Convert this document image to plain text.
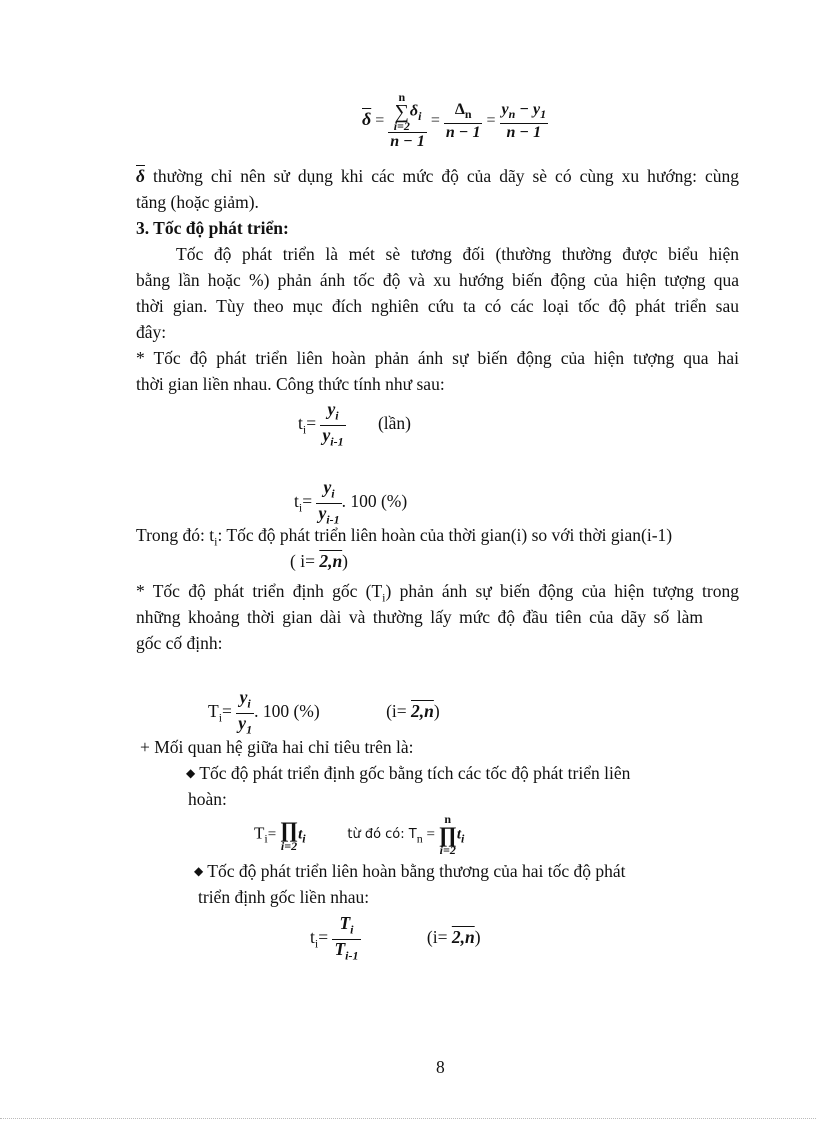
$\overline{\delta} = n$
∑
i=2
$\delta_i$
$n - 1 = \frac{\Delta_n}{n - 1} = \frac{y_n - y_1}{n - 1}$
$\overline{\delta}$ thường chỉ nên sử dụng khi các mức độ của dãy sè có cùng xu hướng: cùng
tăng (hoặc giảm).
3. Tốc độ phát triển:
Tốc độ phát triển là mét sè tương đối (thường thường được biểu hiện
bằng lần hoặc %) phản ánh tốc độ và xu hướng biến động của hiện tượng qua
thời gian. Tùy theo mục đích nghiên cứu ta có các loại tốc độ phát triển sau
đây:
* Tốc độ phát triển liên hoàn phản ánh sự biến động của hiện tượng qua hai
thời gian liền nhau. Công thức tính như sau:
$t_i= \frac{y_i}{y_{i-1}}$ (lần)
$t_i= \frac{y_i}{y_{i-1}}$ . 100 (%)
Trong đó: $t_i$: Tốc độ phát triển liên hoàn của thời gian(i) so với thời gian(i-1)
( i= 2,n)
* Tốc độ phát triển định gốc $(T_i)$ phản ánh sự biến động của hiện tượng trong
những khoảng thời gian dài và thường lấy mức độ đầu tiên của dãy số làm
gốc cố định:
$T_i= \frac{y_i}{y_1}$ . 100 (%)	(i= 2,n)
+ Mối quan hệ giữa hai chỉ tiêu trên là:
◆ Tốc độ phát triển định gốc bằng tích các tốc độ phát triển liên
hoàn:
$T_i=$ ∏
i=2
$t_i$	từ đó có: $T_n$ =
n
∏
i=2
$t_i$
◆ Tốc độ phát triển liên hoàn bằng thương của hai tốc độ phát
triển định gốc liền nhau:
$t_i= \frac{T_i}{T_{i-1}}$	(i= 2,n)
8
